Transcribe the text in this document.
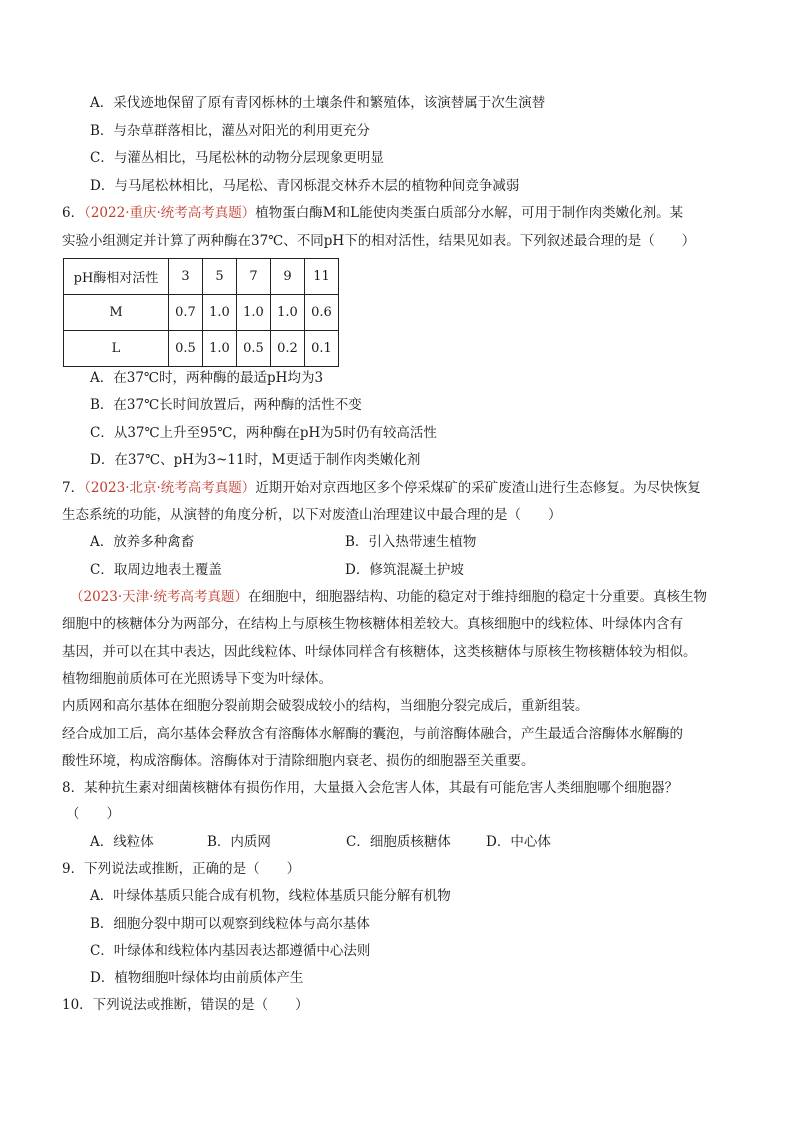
A．采伐迹地保留了原有青冈栎林的土壤条件和繁殖体，该演替属于次生演替
B．与杂草群落相比，灌丛对阳光的利用更充分
C．与灌丛相比，马尾松林的动物分层现象更明显
D．与马尾松林相比，马尾松、青冈栎混交林乔木层的植物种间竞争减弱
6．（2022·重庆·统考高考真题）植物蛋白酶M和L能使肉类蛋白质部分水解，可用于制作肉类嫩化剂。某
实验小组测定并计算了两种酶在37℃、不同pH下的相对活性，结果见如表。下列叙述最合理的是（　　）
pH酶相对活性	3	5	7	9	11
M	0.7	1.0	1.0	1.0	0.6
L	0.5	1.0	0.5	0.2	0.1
A．在37℃时，两种酶的最适pH均为3
B．在37℃长时间放置后，两种酶的活性不变
C．从37℃上升至95℃，两种酶在pH为5时仍有较高活性
D．在37℃、pH为3~11时，M更适于制作肉类嫩化剂
7．（2023·北京·统考高考真题）近期开始对京西地区多个停采煤矿的采矿废渣山进行生态修复。为尽快恢复
生态系统的功能，从演替的角度分析，以下对废渣山治理建议中最合理的是（　　）
A．放养多种禽畜	B．引入热带速生植物
C．取周边地表土覆盖	D．修筑混凝土护坡
（2023·天津·统考高考真题）在细胞中，细胞器结构、功能的稳定对于维持细胞的稳定十分重要。真核生物
细胞中的核糖体分为两部分，在结构上与原核生物核糖体相差较大。真核细胞中的线粒体、叶绿体内含有
基因，并可以在其中表达，因此线粒体、叶绿体同样含有核糖体，这类核糖体与原核生物核糖体较为相似。
植物细胞前质体可在光照诱导下变为叶绿体。
内质网和高尔基体在细胞分裂前期会破裂成较小的结构，当细胞分裂完成后，重新组装。
经合成加工后，高尔基体会释放含有溶酶体水解酶的囊泡，与前溶酶体融合，产生最适合溶酶体水解酶的
酸性环境，构成溶酶体。溶酶体对于清除细胞内衰老、损伤的细胞器至关重要。
8．某种抗生素对细菌核糖体有损伤作用，大量摄入会危害人体，其最有可能危害人类细胞哪个细胞器？
（　　）
A．线粒体	B．内质网	C．细胞质核糖体	D．中心体
9．下列说法或推断，正确的是（　　）
A．叶绿体基质只能合成有机物，线粒体基质只能分解有机物
B．细胞分裂中期可以观察到线粒体与高尔基体
C．叶绿体和线粒体内基因表达都遵循中心法则
D．植物细胞叶绿体均由前质体产生
10．下列说法或推断，错误的是（　　）
